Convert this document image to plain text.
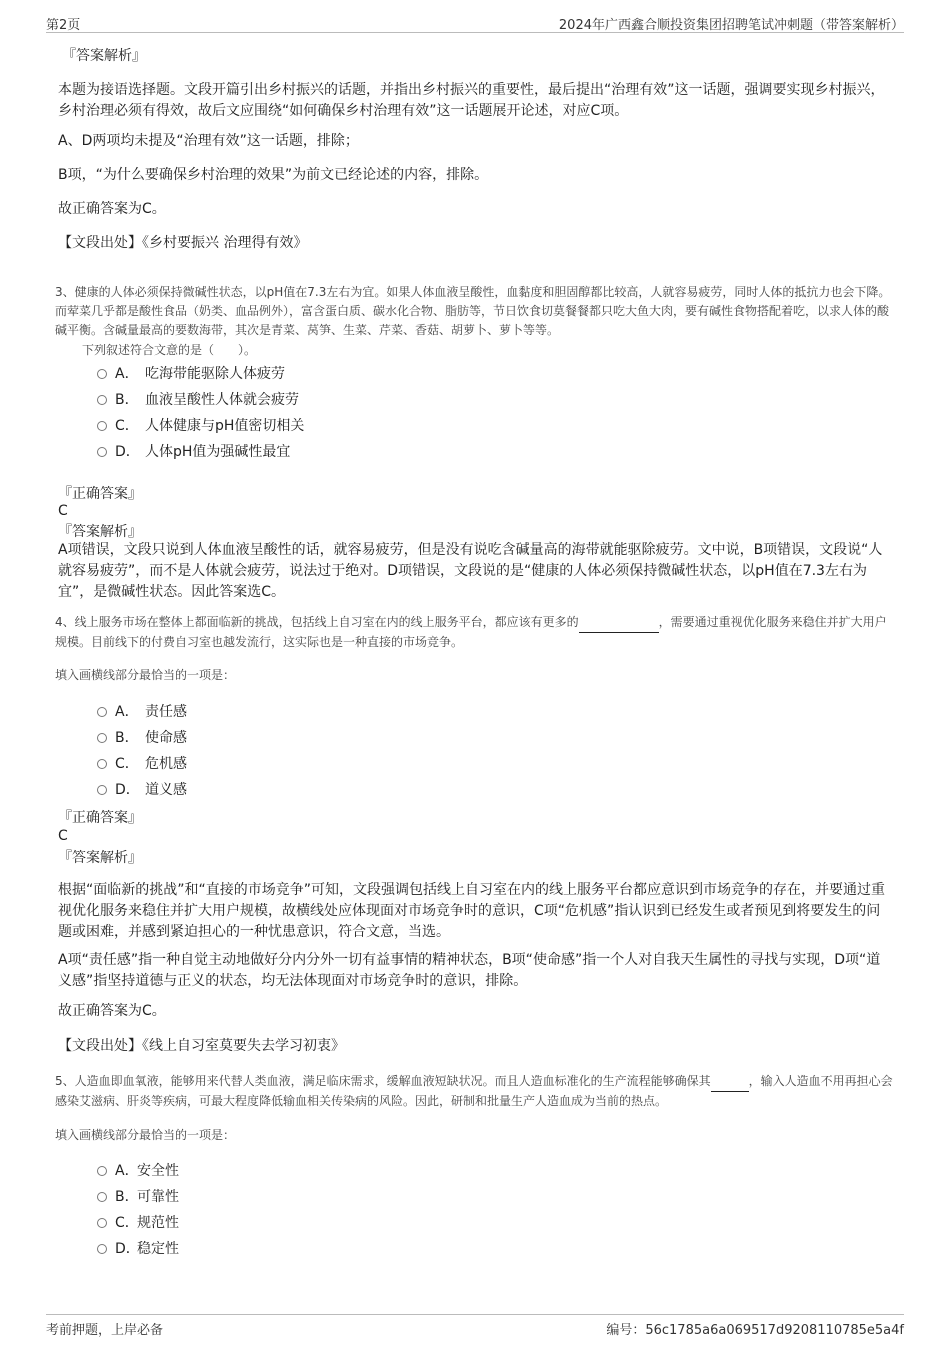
第2页	2024年广西鑫合顺投资集团招聘笔试冲刺题（带答案解析）
『答案解析』
本题为接语选择题。文段开篇引出乡村振兴的话题，并指出乡村振兴的重要性，最后提出“治理有效”这一话题，强调要实现乡村振兴，乡村治理必须有得效，故后文应围绕“如何确保乡村治理有效”这一话题展开论述，对应C项。
A、D两项均未提及“治理有效”这一话题，排除；
B项，“为什么要确保乡村治理的效果”为前文已经论述的内容，排除。
故正确答案为C。
【文段出处】《乡村要振兴 治理得有效》
3、健康的人体必须保持微碱性状态，以pH值在7.3左右为宜。如果人体血液呈酸性，血黏度和胆固醇都比较高，人就容易疲劳，同时人体的抵抗力也会下降。而荤菜几乎都是酸性食品（奶类、血品例外），富含蛋白质、碳水化合物、脂肪等，节日饮食切莫餐餐都只吃大鱼大肉，要有碱性食物搭配着吃，以求人体的酸碱平衡。含碱量最高的要数海带，其次是青菜、莴笋、生菜、芹菜、香菇、胡萝卜、萝卜等等。
下列叙述符合文意的是（　　）。
A． 吃海带能驱除人体疲劳
B． 血液呈酸性人体就会疲劳
C． 人体健康与pH值密切相关
D． 人体pH值为强碱性最宜
『正确答案』
C
『答案解析』
A项错误，文段只说到人体血液呈酸性的话，就容易疲劳，但是没有说吃含碱量高的海带就能驱除疲劳。文中说，B项错误，文段说“人就容易疲劳”，而不是人体就会疲劳，说法过于绝对。D项错误，文段说的是“健康的人体必须保持微碱性状态，以pH值在7.3左右为宜”，是微碱性状态。因此答案选C。
4、线上服务市场在整体上都面临新的挑战，包括线上自习室在内的线上服务平台，都应该有更多的	，需要通过重视优化服务来稳住并扩大用户规模。目前线下的付费自习室也越发流行，这实际也是一种直接的市场竞争。
填入画横线部分最恰当的一项是：
A． 责任感
B． 使命感
C． 危机感
D． 道义感
『正确答案』
C
『答案解析』
根据“面临新的挑战”和“直接的市场竞争”可知，文段强调包括线上自习室在内的线上服务平台都应意识到市场竞争的存在，并要通过重视优化服务来稳住并扩大用户规模，故横线处应体现面对市场竞争时的意识，C项“危机感”指认识到已经发生或者预见到将要发生的问题或困难，并感到紧迫担心的一种忧患意识，符合文意，当选。
A项“责任感”指一种自觉主动地做好分内分外一切有益事情的精神状态，B项“使命感”指一个人对自我天生属性的寻找与实现，D项“道义感”指坚持道德与正义的状态，均无法体现面对市场竞争时的意识，排除。
故正确答案为C。
【文段出处】《线上自习室莫要失去学习初衷》
5、人造血即血氧液，能够用来代替人类血液，满足临床需求，缓解血液短缺状况。而且人造血标准化的生产流程能够确保其	，输入人造血不用再担心会感染艾滋病、肝炎等疾病，可最大程度降低输血相关传染病的风险。因此，研制和批量生产人造血成为当前的热点。
填入画横线部分最恰当的一项是：
A．安全性
B．可靠性
C．规范性
D．稳定性
考前押题，上岸必备	编号：56c1785a6a069517d9208110785e5a4f
